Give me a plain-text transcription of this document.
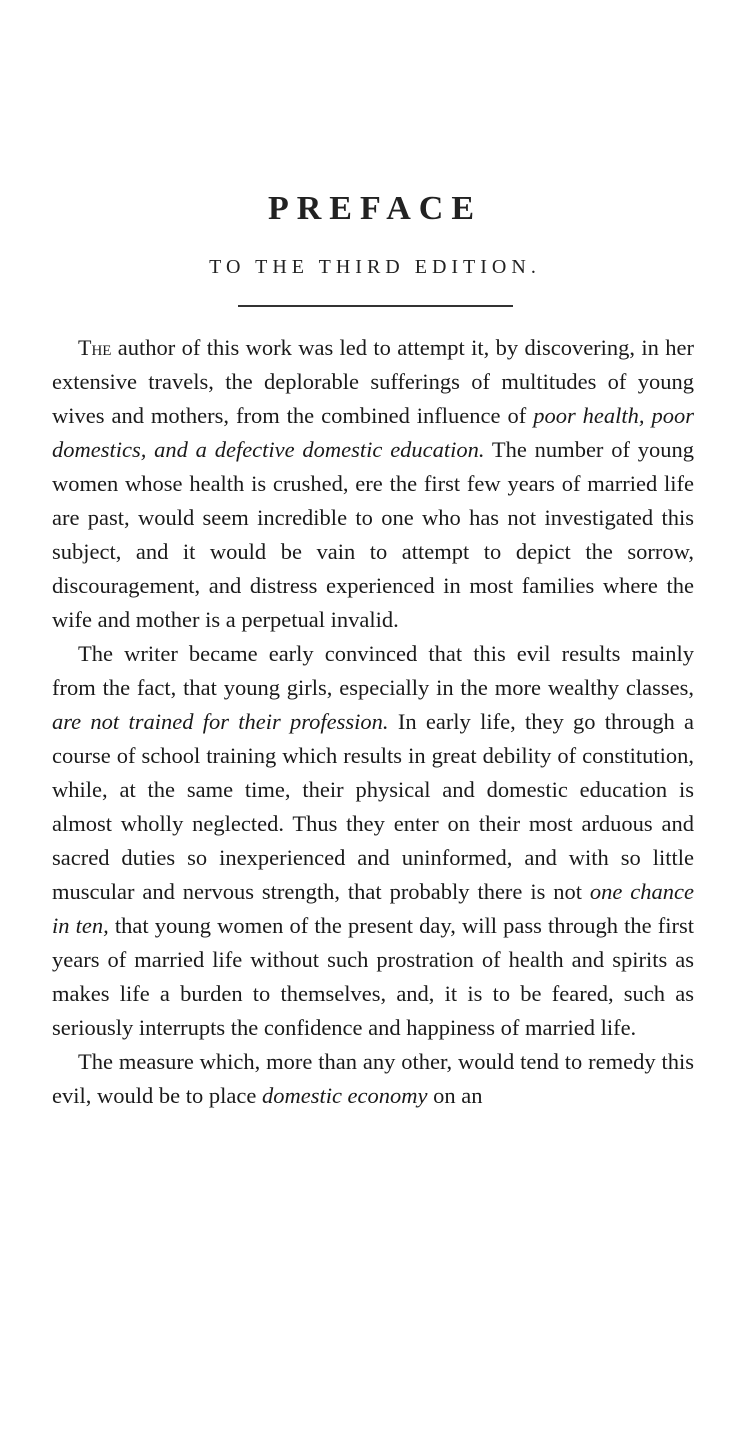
PREFACE
TO THE THIRD EDITION.

The author of this work was led to attempt it, by discovering, in her extensive travels, the deplorable sufferings of multitudes of young wives and mothers, from the combined influence of poor health, poor domestics, and a defective domestic education. The number of young women whose health is crushed, ere the first few years of married life are past, would seem incredible to one who has not investigated this subject, and it would be vain to attempt to depict the sorrow, discouragement, and distress experienced in most families where the wife and mother is a perpetual invalid.

The writer became early convinced that this evil results mainly from the fact, that young girls, especially in the more wealthy classes, are not trained for their profession. In early life, they go through a course of school training which results in great debility of constitution, while, at the same time, their physical and domestic education is almost wholly neglected. Thus they enter on their most arduous and sacred duties so inexperienced and uninformed, and with so little muscular and nervous strength, that probably there is not one chance in ten, that young women of the present day, will pass through the first years of married life without such prostration of health and spirits as makes life a burden to themselves, and, it is to be feared, such as seriously interrupts the confidence and happiness of married life.

The measure which, more than any other, would tend to remedy this evil, would be to place domestic economy on an
